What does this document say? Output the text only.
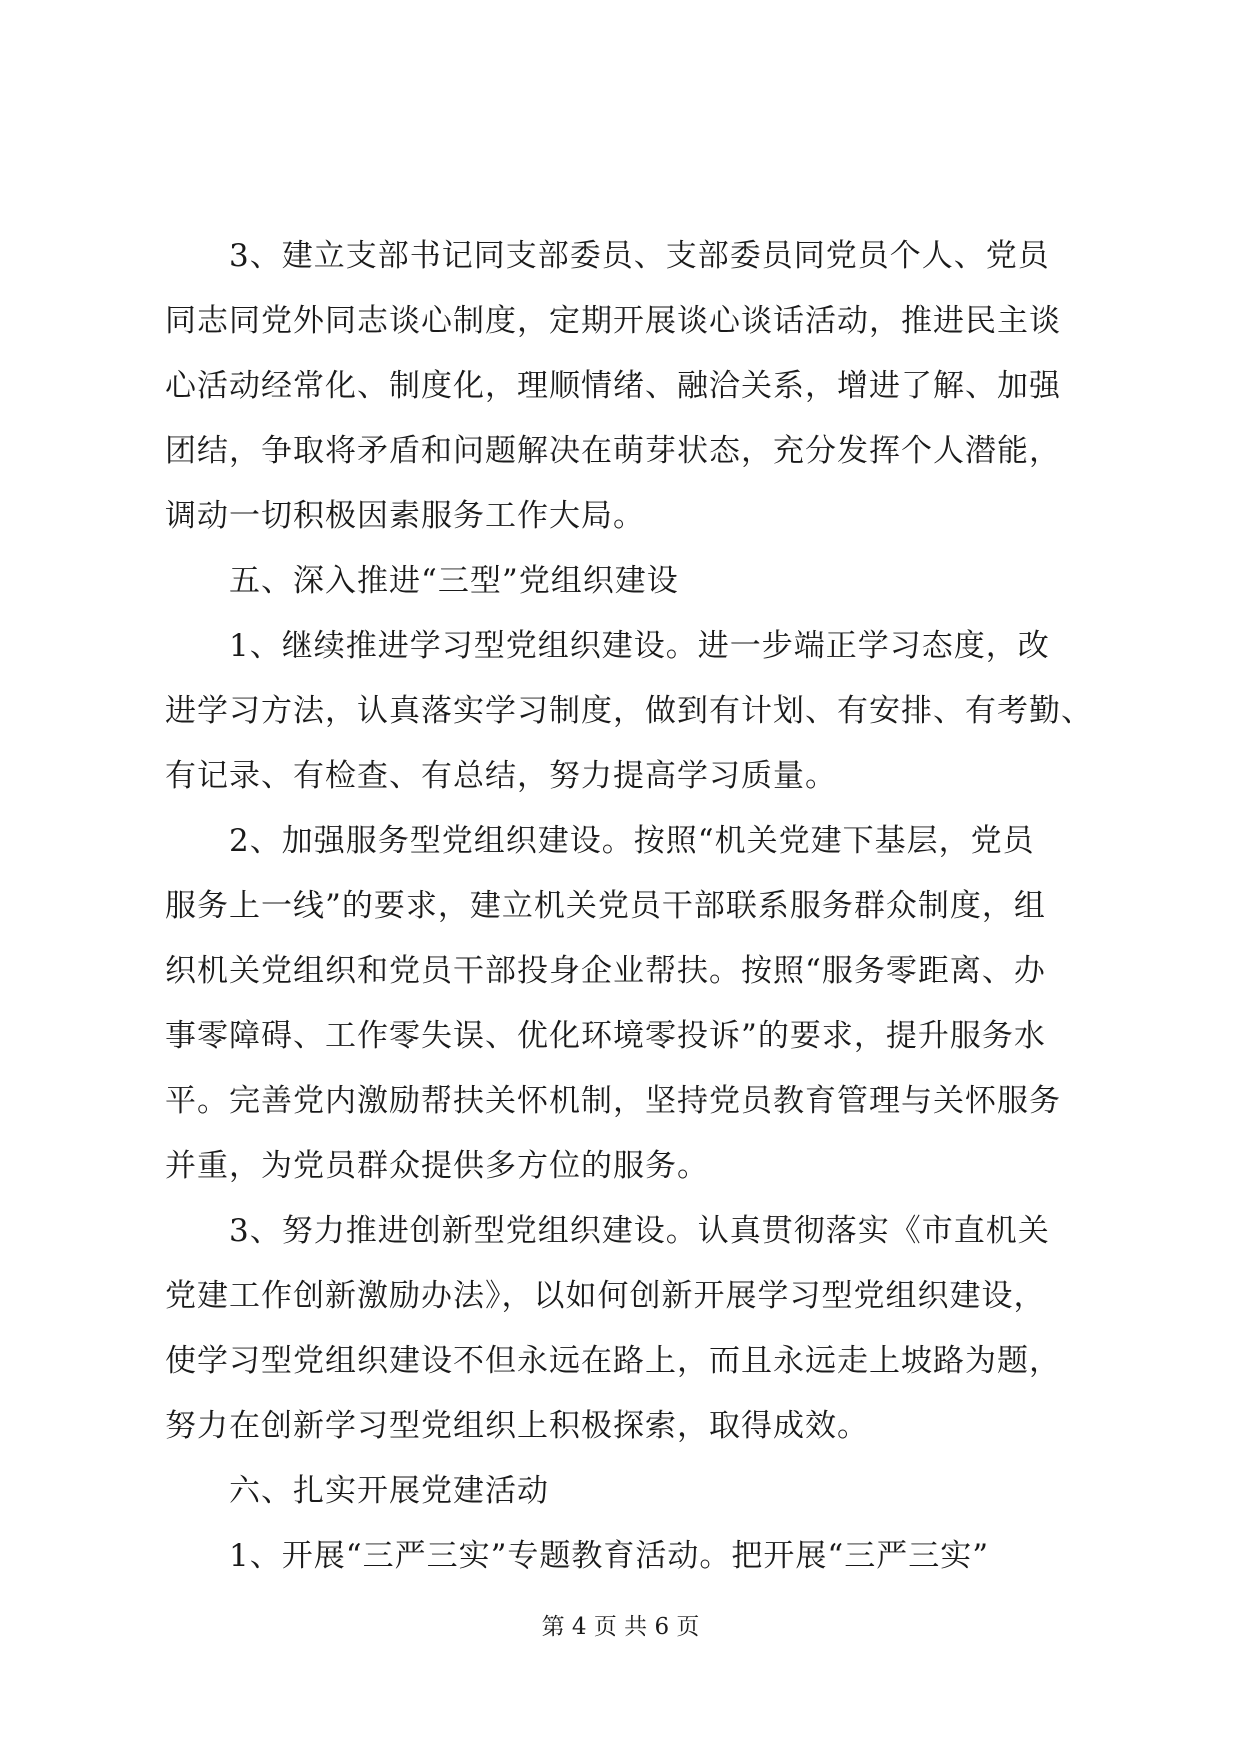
3、建立支部书记同支部委员、支部委员同党员个人、党员
同志同党外同志谈心制度，定期开展谈心谈话活动，推进民主谈
心活动经常化、制度化，理顺情绪、融洽关系，增进了解、加强
团结，争取将矛盾和问题解决在萌芽状态，充分发挥个人潜能，
调动一切积极因素服务工作大局。
五、深入推进“三型”党组织建设
1、继续推进学习型党组织建设。进一步端正学习态度，改
进学习方法，认真落实学习制度，做到有计划、有安排、有考勤、
有记录、有检查、有总结，努力提高学习质量。
2、加强服务型党组织建设。按照“机关党建下基层，党员
服务上一线”的要求，建立机关党员干部联系服务群众制度，组
织机关党组织和党员干部投身企业帮扶。按照“服务零距离、办
事零障碍、工作零失误、优化环境零投诉”的要求，提升服务水
平。完善党内激励帮扶关怀机制，坚持党员教育管理与关怀服务
并重，为党员群众提供多方位的服务。
3、努力推进创新型党组织建设。认真贯彻落实《市直机关
党建工作创新激励办法》，以如何创新开展学习型党组织建设，
使学习型党组织建设不但永远在路上，而且永远走上坡路为题，
努力在创新学习型党组织上积极探索，取得成效。
六、扎实开展党建活动
1、开展“三严三实”专题教育活动。把开展“三严三实”
第 4 页 共 6 页
